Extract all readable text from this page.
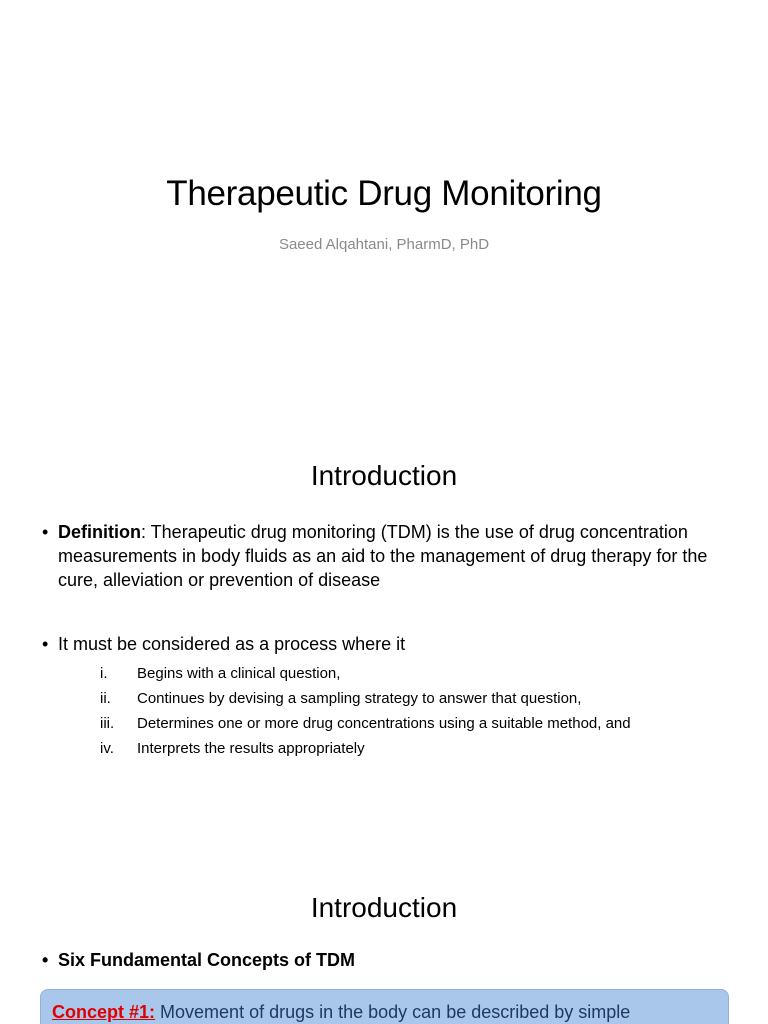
Therapeutic Drug Monitoring
Saeed Alqahtani, PharmD, PhD
Introduction
• Definition: Therapeutic drug monitoring (TDM) is the use of drug concentration measurements in body fluids as an aid to the management of drug therapy for the cure, alleviation or prevention of disease
• It must be considered as a process where it
i.	Begins with a clinical question,
ii.	Continues by devising a sampling strategy to answer that question,
iii.	Determines one or more drug concentrations using a suitable method, and
iv.	Interprets the results appropriately
Introduction
• Six Fundamental Concepts of TDM
Concept #1: Movement of drugs in the body can be described by simple
